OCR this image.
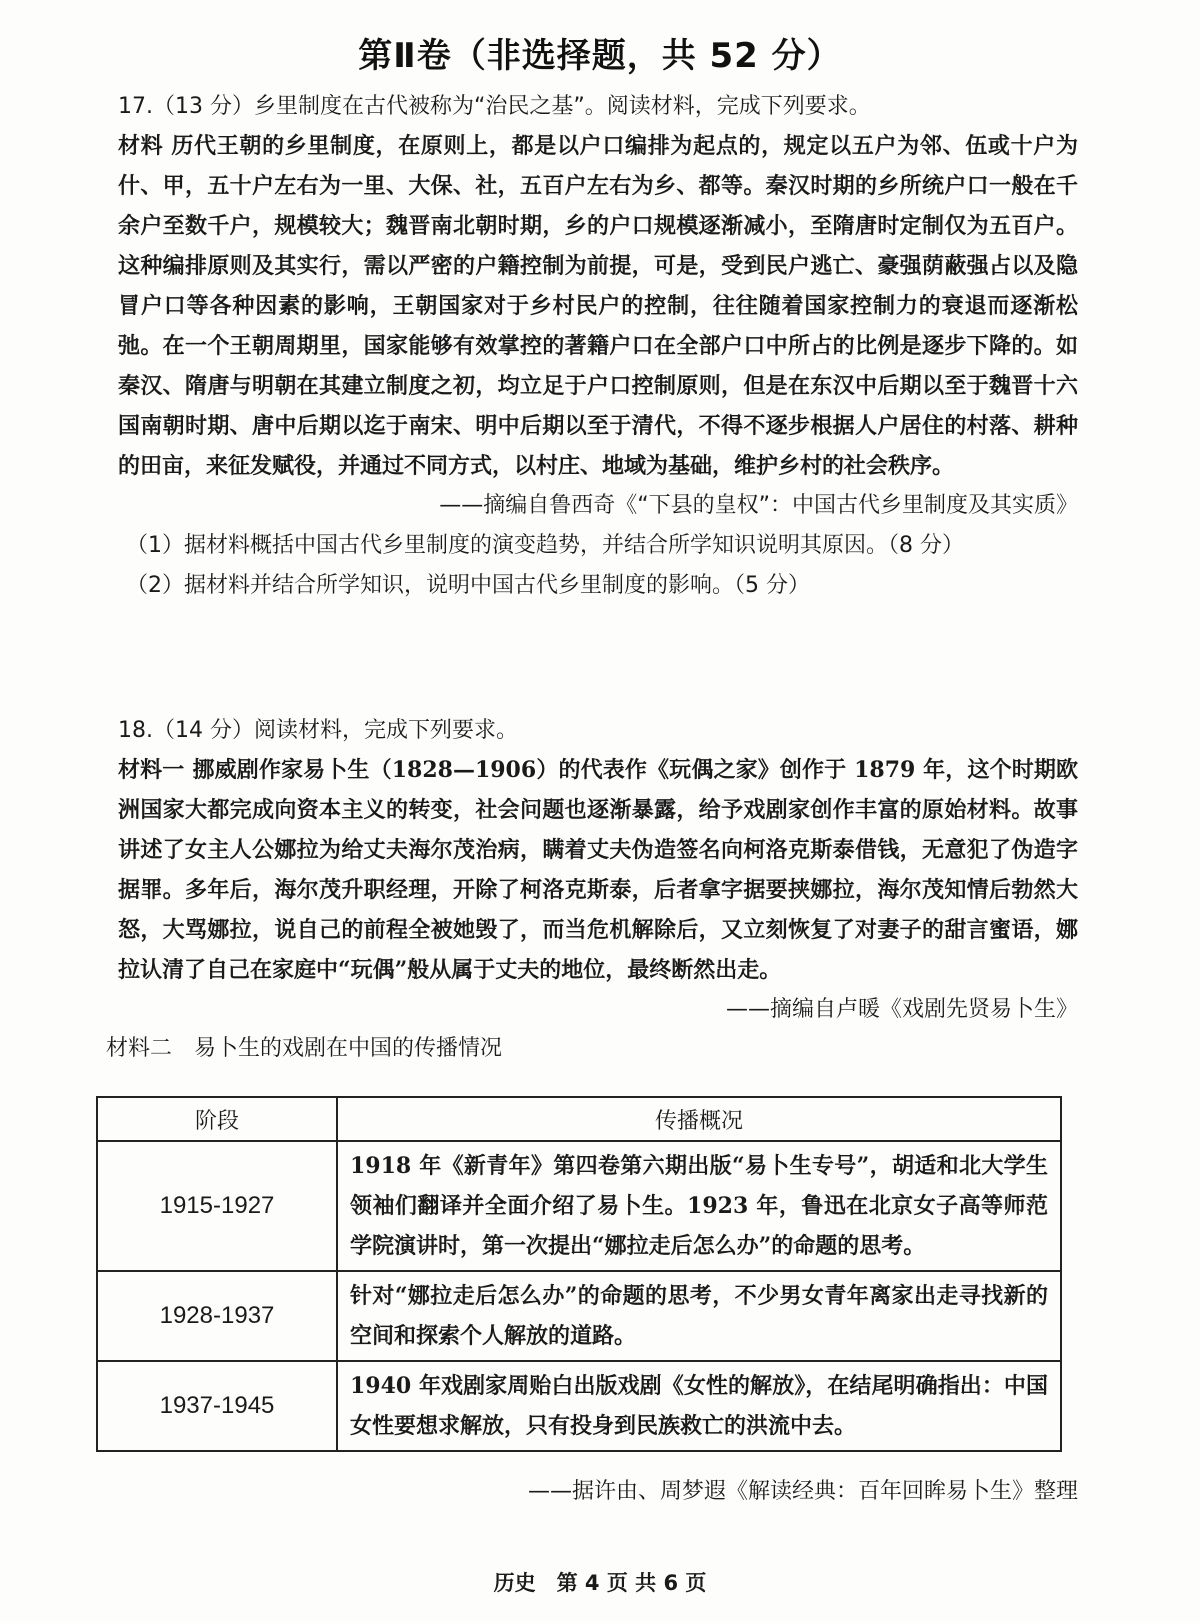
第Ⅱ卷（非选择题，共 52 分）
17.（13 分）乡里制度在古代被称为“治民之基”。阅读材料，完成下列要求。
材料 历代王朝的乡里制度，在原则上，都是以户口编排为起点的，规定以五户为邻、伍或十户为什、甲，五十户左右为一里、大保、社，五百户左右为乡、都等。秦汉时期的乡所统户口一般在千余户至数千户，规模较大；魏晋南北朝时期，乡的户口规模逐渐减小，至隋唐时定制仅为五百户。这种编排原则及其实行，需以严密的户籍控制为前提，可是，受到民户逃亡、豪强荫蔽强占以及隐冒户口等各种因素的影响，王朝国家对于乡村民户的控制，往往随着国家控制力的衰退而逐渐松弛。在一个王朝周期里，国家能够有效掌控的著籍户口在全部户口中所占的比例是逐步下降的。如秦汉、隋唐与明朝在其建立制度之初，均立足于户口控制原则，但是在东汉中后期以至于魏晋十六国南朝时期、唐中后期以迄于南宋、明中后期以至于清代，不得不逐步根据人户居住的村落、耕种的田亩，来征发赋役，并通过不同方式，以村庄、地域为基础，维护乡村的社会秩序。
——摘编自鲁西奇《“下县的皇权”：中国古代乡里制度及其实质》
（1）据材料概括中国古代乡里制度的演变趋势，并结合所学知识说明其原因。（8 分）
（2）据材料并结合所学知识，说明中国古代乡里制度的影响。（5 分）
18.（14 分）阅读材料，完成下列要求。
材料一 挪威剧作家易卜生（1828—1906）的代表作《玩偶之家》创作于 1879 年，这个时期欧洲国家大都完成向资本主义的转变，社会问题也逐渐暴露，给予戏剧家创作丰富的原始材料。故事讲述了女主人公娜拉为给丈夫海尔茂治病，瞒着丈夫伪造签名向柯洛克斯泰借钱，无意犯了伪造字据罪。多年后，海尔茂升职经理，开除了柯洛克斯泰，后者拿字据要挟娜拉，海尔茂知情后勃然大怒，大骂娜拉，说自己的前程全被她毁了，而当危机解除后，又立刻恢复了对妻子的甜言蜜语，娜拉认清了自己在家庭中“玩偶”般从属于丈夫的地位，最终断然出走。
——摘编自卢暖《戏剧先贤易卜生》
材料二　易卜生的戏剧在中国的传播情况
阶段	传播概况
1915-1927	1918 年《新青年》第四卷第六期出版“易卜生专号”，胡适和北大学生领袖们翻译并全面介绍了易卜生。1923 年，鲁迅在北京女子高等师范学院演讲时，第一次提出“娜拉走后怎么办”的命题的思考。
1928-1937	针对“娜拉走后怎么办”的命题的思考，不少男女青年离家出走寻找新的空间和探索个人解放的道路。
1937-1945	1940 年戏剧家周贻白出版戏剧《女性的解放》，在结尾明确指出：中国女性要想求解放，只有投身到民族救亡的洪流中去。
——据许由、周梦遐《解读经典：百年回眸易卜生》整理
历史　第 4 页 共 6 页
